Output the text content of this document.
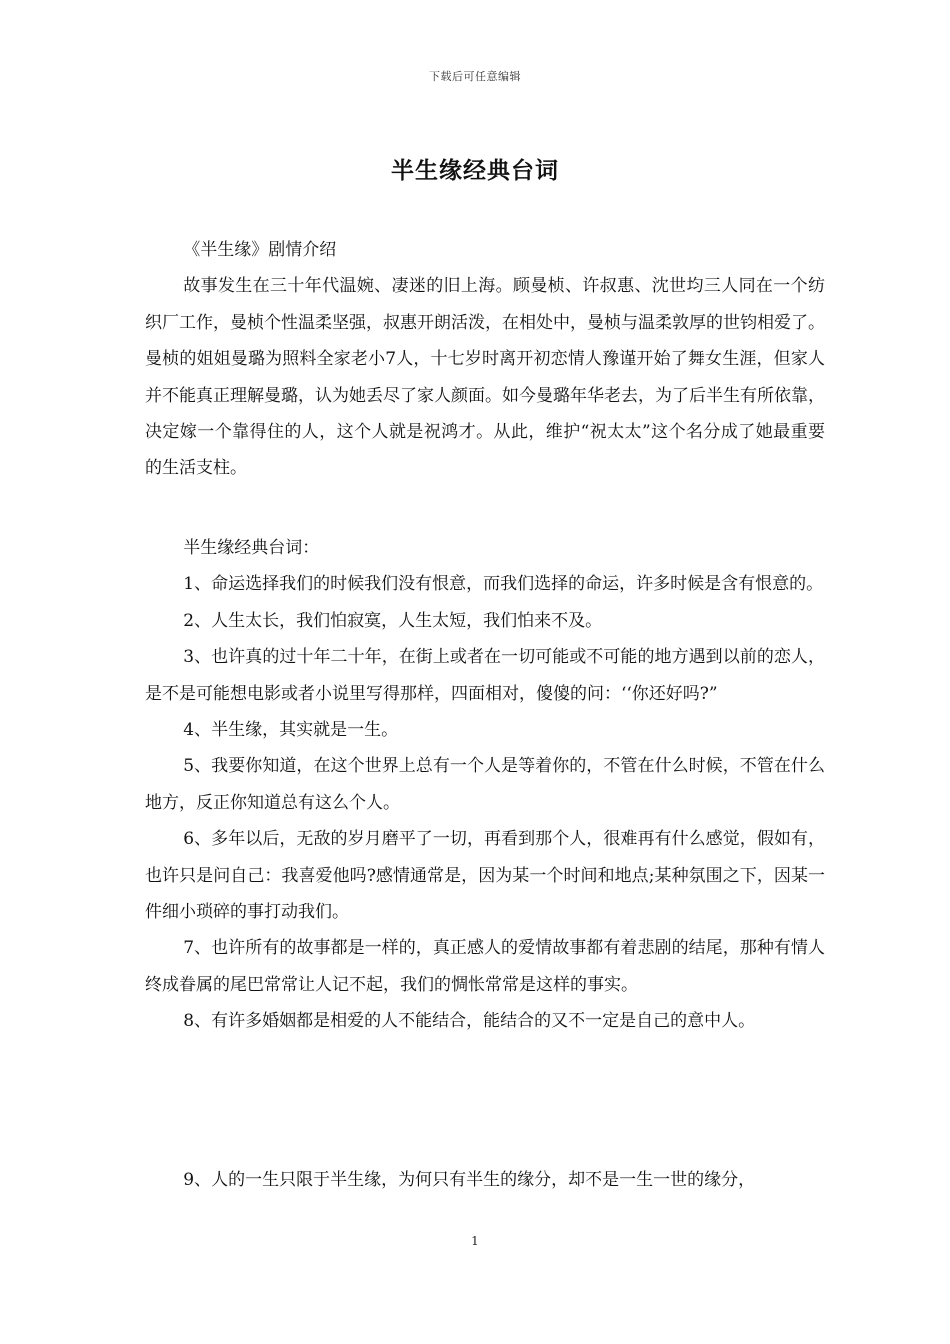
下载后可任意编辑
半生缘经典台词

《半生缘》剧情介绍

故事发生在三十年代温婉、凄迷的旧上海。顾曼桢、许叔惠、沈世均三人同在一个纺织厂工作，曼桢个性温柔坚强，叔惠开朗活泼，在相处中，曼桢与温柔敦厚的世钧相爱了。曼桢的姐姐曼璐为照料全家老小7人，十七岁时离开初恋情人豫谨开始了舞女生涯，但家人并不能真正理解曼璐，认为她丢尽了家人颜面。如今曼璐年华老去，为了后半生有所依靠，决定嫁一个靠得住的人，这个人就是祝鸿才。从此，维护“祝太太”这个名分成了她最重要的生活支柱。

半生缘经典台词：

1、命运选择我们的时候我们没有恨意，而我们选择的命运，许多时候是含有恨意的。

2、人生太长，我们怕寂寞，人生太短，我们怕来不及。

3、也许真的过十年二十年，在街上或者在一切可能或不可能的地方遇到以前的恋人，是不是可能想电影或者小说里写得那样，四面相对，傻傻的问：‘‘你还好吗?”

4、半生缘，其实就是一生。

5、我要你知道，在这个世界上总有一个人是等着你的，不管在什么时候，不管在什么地方，反正你知道总有这么个人。

6、多年以后，无敌的岁月磨平了一切，再看到那个人，很难再有什么感觉，假如有，也许只是问自己：我喜爱他吗?感情通常是，因为某一个时间和地点;某种氛围之下，因某一件细小琐碎的事打动我们。

7、也许所有的故事都是一样的，真正感人的爱情故事都有着悲剧的结尾，那种有情人终成眷属的尾巴常常让人记不起，我们的惆怅常常是这样的事实。

8、有许多婚姻都是相爱的人不能结合，能结合的又不一定是自己的意中人。

9、人的一生只限于半生缘，为何只有半生的缘分，却不是一生一世的缘分，

1
